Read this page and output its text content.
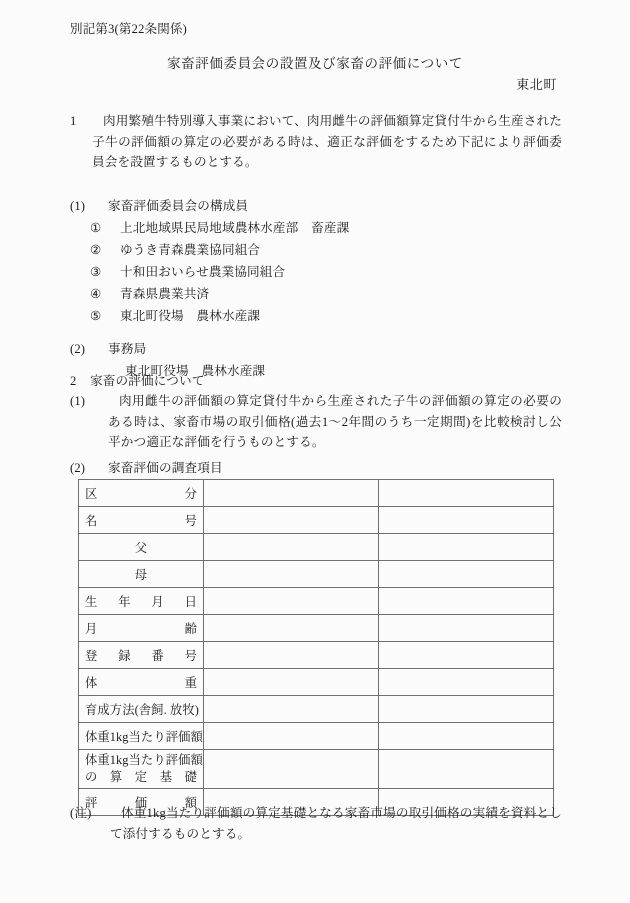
別記第3(第22条関係)
家畜評価委員会の設置及び家畜の評価について
東北町
1	肉用繁殖牛特別導入事業において、肉用雌牛の評価額算定貸付牛から生産された子牛の評価額の算定の必要がある時は、適正な評価をするため下記により評価委員会を設置するものとする。
(1) 家畜評価委員会の構成員
① 上北地域県民局地域農林水産部　畜産課
② ゆうき青森農業協同組合
③ 十和田おいらせ農業協同組合
④ 青森県農業共済
⑤ 東北町役場　農林水産課
(2) 事務局
東北町役場　農林水産課
2 家畜の評価について
(1)	肉用雌牛の評価額の算定貸付牛から生産された子牛の評価額の算定の必要のある時は、家畜市場の取引価格(過去1〜2年間のうち一定期間)を比較検討し公平かつ適正な評価を行うものとする。
(2) 家畜評価の調査項目
区分		

名号		

父		

母		

生年月日		

月齢		

登録番号		

体重		

育成方法(舎飼. 放牧)		

体重1kg当たり評価額		

体重1kg当たり評価額
の算定基礎		

評価額		

(注)	体重1kg当たり評価額の算定基礎となる家畜市場の取引価格の実績を資料として添付するものとする。
